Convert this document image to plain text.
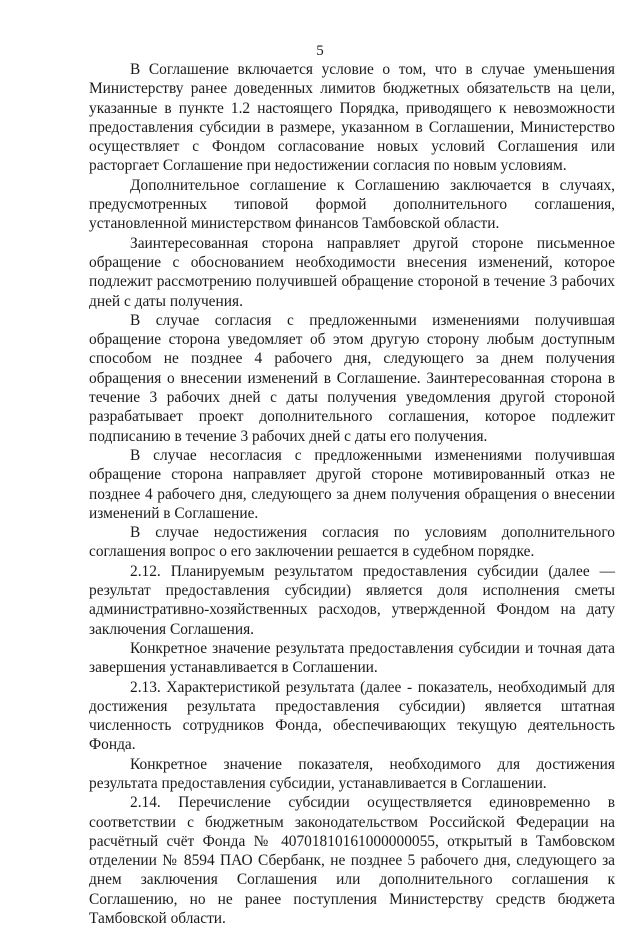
5

В Соглашение включается условие о том, что в случае уменьшения Министерству ранее доведенных лимитов бюджетных обязательств на цели, указанные в пункте 1.2 настоящего Порядка, приводящего к невозможности предоставления субсидии в размере, указанном в Соглашении, Министерство осуществляет с Фондом согласование новых условий Соглашения или расторгает Соглашение при недостижении согласия по новым условиям.

Дополнительное соглашение к Соглашению заключается в случаях, предусмотренных типовой формой дополнительного соглашения, установленной министерством финансов Тамбовской области.

Заинтересованная сторона направляет другой стороне письменное обращение с обоснованием необходимости внесения изменений, которое подлежит рассмотрению получившей обращение стороной в течение 3 рабочих дней с даты получения.

В случае согласия с предложенными изменениями получившая обращение сторона уведомляет об этом другую сторону любым доступным способом не позднее 4 рабочего дня, следующего за днем получения обращения о внесении изменений в Соглашение. Заинтересованная сторона в течение 3 рабочих дней с даты получения уведомления другой стороной разрабатывает проект дополнительного соглашения, которое подлежит подписанию в течение 3 рабочих дней с даты его получения.

В случае несогласия с предложенными изменениями получившая обращение сторона направляет другой стороне мотивированный отказ не позднее 4 рабочего дня, следующего за днем получения обращения о внесении изменений в Соглашение.

В случае недостижения согласия по условиям дополнительного соглашения вопрос о его заключении решается в судебном порядке.

2.12. Планируемым результатом предоставления субсидии (далее — результат предоставления субсидии) является доля исполнения сметы административно-хозяйственных расходов, утвержденной Фондом на дату заключения Соглашения.

Конкретное значение результата предоставления субсидии и точная дата завершения устанавливается в Соглашении.

2.13. Характеристикой результата (далее - показатель, необходимый для достижения результата предоставления субсидии) является штатная численность сотрудников Фонда, обеспечивающих текущую деятельность Фонда.

Конкретное значение показателя, необходимого для достижения результата предоставления субсидии, устанавливается в Соглашении.

2.14. Перечисление субсидии осуществляется единовременно в соответствии с бюджетным законодательством Российской Федерации на расчётный счёт Фонда № 40701810161000000055, открытый в Тамбовском отделении № 8594 ПАО Сбербанк, не позднее 5 рабочего дня, следующего за днем заключения Соглашения или дополнительного соглашения к Соглашению, но не ранее поступления Министерству средств бюджета Тамбовской области.
